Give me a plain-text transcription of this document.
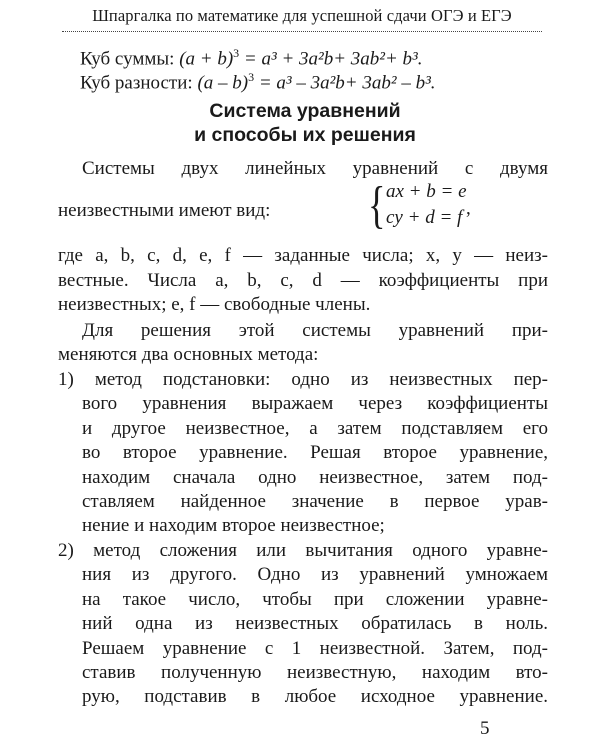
Шпаргалка по математике для успешной сдачи ОГЭ и ЕГЭ
Куб суммы: $(a + b)^3 = a^3 + 3a^2b+ 3ab^2+ b^3$.
Куб разности: (a – b)$^3$ = a³ – 3a²b+ 3ab² – b³.
Система уравнений
и способы их решения
Системы двух линейных уравнений с двумя
неизвестными имеют вид: { ax + b = e
cy + d = f ,
где a, b, c, d, e, f — заданные числа; x, y — неиз-
вестные. Числа a, b, c, d — коэффициенты при
неизвестных; e, f — свободные члены.
Для решения этой системы уравнений при-
меняются два основных метода:
1) метод подстановки: одно из неизвестных пер-
вого уравнения выражаем через коэффициенты
и другое неизвестное, а затем подставляем его
во второе уравнение. Решая второе уравнение,
находим сначала одно неизвестное, затем под-
ставляем найденное значение в первое урав-
нение и находим второе неизвестное;
2) метод сложения или вычитания одного уравне-
ния из другого. Одно из уравнений умножаем
на такое число, чтобы при сложении уравне-
ний одна из неизвестных обратилась в ноль.
Решаем уравнение с 1 неизвестной. Затем, под-
ставив полученную неизвестную, находим вто-
рую, подставив в любое исходное уравнение.
5
